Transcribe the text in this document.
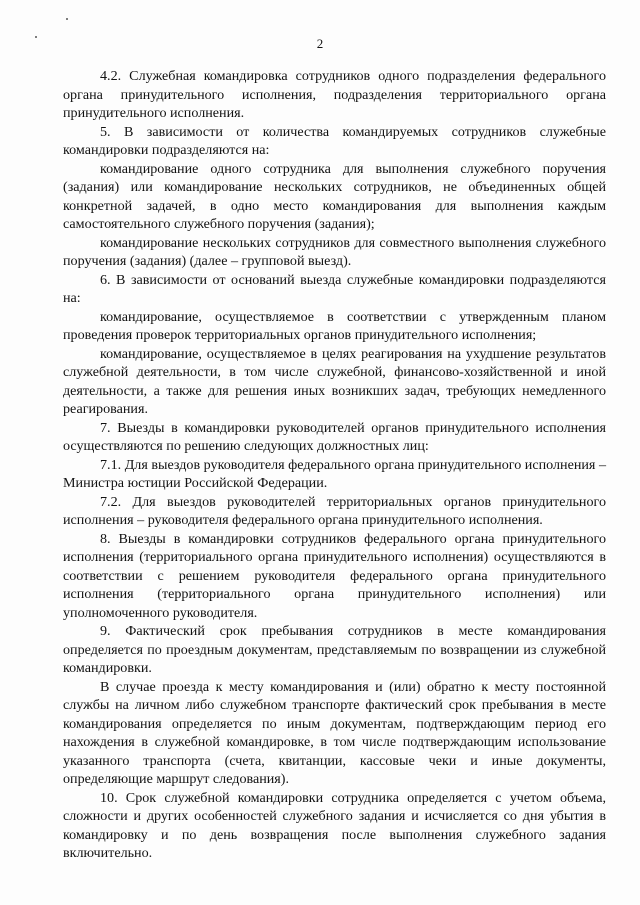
2

4.2. Служебная командировка сотрудников одного подразделения федерального органа принудительного исполнения, подразделения территориального органа принудительного исполнения.

5. В зависимости от количества командируемых сотрудников служебные командировки подразделяются на:

командирование одного сотрудника для выполнения служебного поручения (задания) или командирование нескольких сотрудников, не объединенных общей конкретной задачей, в одно место командирования для выполнения каждым самостоятельного служебного поручения (задания);

командирование нескольких сотрудников для совместного выполнения служебного поручения (задания) (далее – групповой выезд).

6. В зависимости от оснований выезда служебные командировки подразделяются на:

командирование, осуществляемое в соответствии с утвержденным планом проведения проверок территориальных органов принудительного исполнения;

командирование, осуществляемое в целях реагирования на ухудшение результатов служебной деятельности, в том числе служебной, финансово-хозяйственной и иной деятельности, а также для решения иных возникших задач, требующих немедленного реагирования.

7. Выезды в командировки руководителей органов принудительного исполнения осуществляются по решению следующих должностных лиц:

7.1. Для выездов руководителя федерального органа принудительного исполнения – Министра юстиции Российской Федерации.

7.2. Для выездов руководителей территориальных органов принудительного исполнения – руководителя федерального органа принудительного исполнения.

8. Выезды в командировки сотрудников федерального органа принудительного исполнения (территориального органа принудительного исполнения) осуществляются в соответствии с решением руководителя федерального органа принудительного исполнения (территориального органа принудительного исполнения) или уполномоченного руководителя.

9. Фактический срок пребывания сотрудников в месте командирования определяется по проездным документам, представляемым по возвращении из служебной командировки.

В случае проезда к месту командирования и (или) обратно к месту постоянной службы на личном либо служебном транспорте фактический срок пребывания в месте командирования определяется по иным документам, подтверждающим период его нахождения в служебной командировке, в том числе подтверждающим использование указанного транспорта (счета, квитанции, кассовые чеки и иные документы, определяющие маршрут следования).

10. Срок служебной командировки сотрудника определяется с учетом объема, сложности и других особенностей служебного задания и исчисляется со дня убытия в командировку и по день возвращения после выполнения служебного задания включительно.
